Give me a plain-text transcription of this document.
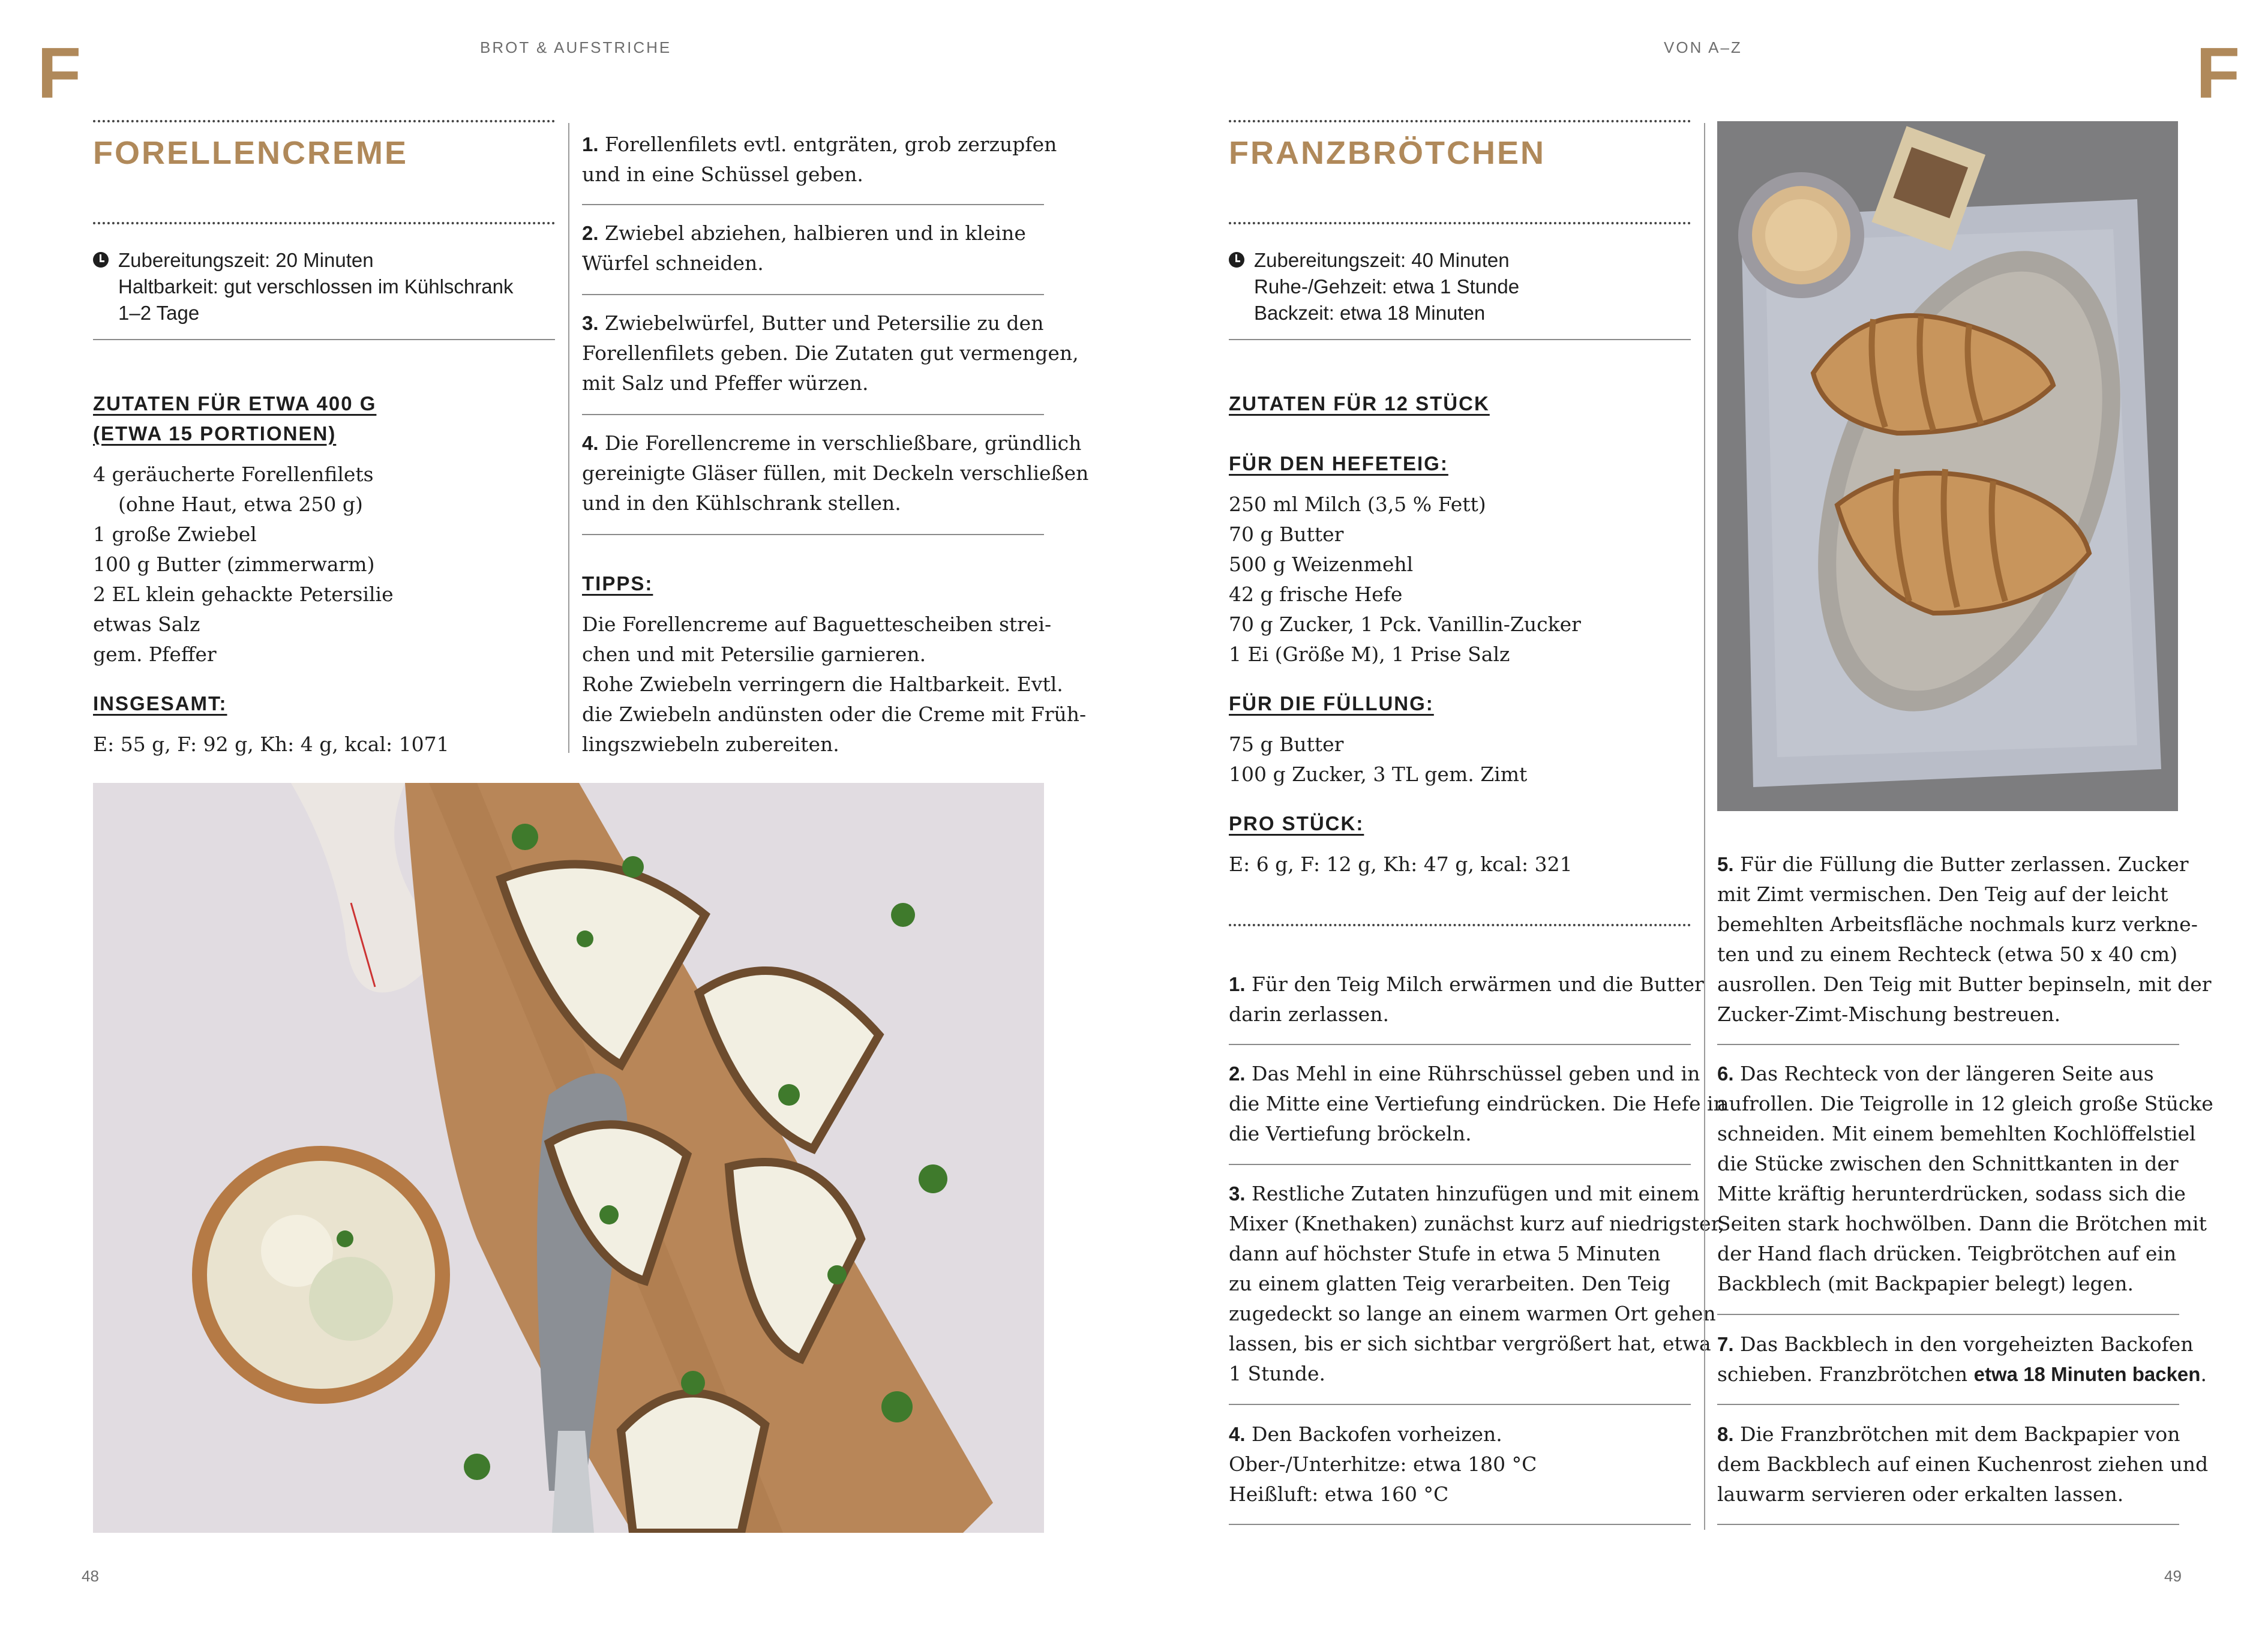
F	F
BROT & AUFSTRICHE	VON A–Z
48	49
FORELLENCREME
Zubereitungszeit: 20 Minuten
Haltbarkeit: gut verschlossen im Kühlschrank
1–2 Tage
ZUTATEN FÜR ETWA 400 G
(ETWA 15 PORTIONEN)
4 geräucherte Forellenfilets
(ohne Haut, etwa 250 g)
1 große Zwiebel
100 g Butter (zimmerwarm)
2 EL klein gehackte Petersilie
etwas Salz
gem. Pfeffer
INSGESAMT:
E: 55 g, F: 92 g, Kh: 4 g, kcal: 1071
1. Forellenfilets evtl. entgräten, grob zerzupfen
und in eine Schüssel geben.
2. Zwiebel abziehen, halbieren und in kleine
Würfel schneiden.
3. Zwiebelwürfel, Butter und Petersilie zu den
Forellenfilets geben. Die Zutaten gut vermengen,
mit Salz und Pfeffer würzen.
4. Die Forellencreme in verschließbare, gründlich
gereinigte Gläser füllen, mit Deckeln verschließen
und in den Kühlschrank stellen.
TIPPS:
Die Forellencreme auf Baguettescheiben strei-
chen und mit Petersilie garnieren.
Rohe Zwiebeln verringern die Haltbarkeit. Evtl.
die Zwiebeln andünsten oder die Creme mit Früh-
lingszwiebeln zubereiten.
FRANZBRÖTCHEN
Zubereitungszeit: 40 Minuten
Ruhe-/Gehzeit: etwa 1 Stunde
Backzeit: etwa 18 Minuten
ZUTATEN FÜR 12 STÜCK
FÜR DEN HEFETEIG:
250 ml Milch (3,5 % Fett)
70 g Butter
500 g Weizenmehl
42 g frische Hefe
70 g Zucker, 1 Pck. Vanillin-Zucker
1 Ei (Größe M), 1 Prise Salz
FÜR DIE FÜLLUNG:
75 g Butter
100 g Zucker, 3 TL gem. Zimt
PRO STÜCK:
E: 6 g, F: 12 g, Kh: 47 g, kcal: 321
1. Für den Teig Milch erwärmen und die Butter
darin zerlassen.
2. Das Mehl in eine Rührschüssel geben und in
die Mitte eine Vertiefung eindrücken. Die Hefe in
die Vertiefung bröckeln.
3. Restliche Zutaten hinzufügen und mit einem
Mixer (Knethaken) zunächst kurz auf niedrigster,
dann auf höchster Stufe in etwa 5 Minuten
zu einem glatten Teig verarbeiten. Den Teig
zugedeckt so lange an einem warmen Ort gehen
lassen, bis er sich sichtbar vergrößert hat, etwa
1 Stunde.
4. Den Backofen vorheizen.
Ober-/Unterhitze: etwa 180 °C
Heißluft: etwa 160 °C
5. Für die Füllung die Butter zerlassen. Zucker
mit Zimt vermischen. Den Teig auf der leicht
bemehlten Arbeitsfläche nochmals kurz verkne-
ten und zu einem Rechteck (etwa 50 x 40 cm)
ausrollen. Den Teig mit Butter bepinseln, mit der
Zucker-Zimt-Mischung bestreuen.
6. Das Rechteck von der längeren Seite aus
aufrollen. Die Teigrolle in 12 gleich große Stücke
schneiden. Mit einem bemehlten Kochlöffelstiel
die Stücke zwischen den Schnittkanten in der
Mitte kräftig herunterdrücken, sodass sich die
Seiten stark hochwölben. Dann die Brötchen mit
der Hand flach drücken. Teigbrötchen auf ein
Backblech (mit Backpapier belegt) legen.
7. Das Backblech in den vorgeheizten Backofen
schieben. Franzbrötchen etwa 18 Minuten backen.
8. Die Franzbrötchen mit dem Backpapier von
dem Backblech auf einen Kuchenrost ziehen und
lauwarm servieren oder erkalten lassen.
